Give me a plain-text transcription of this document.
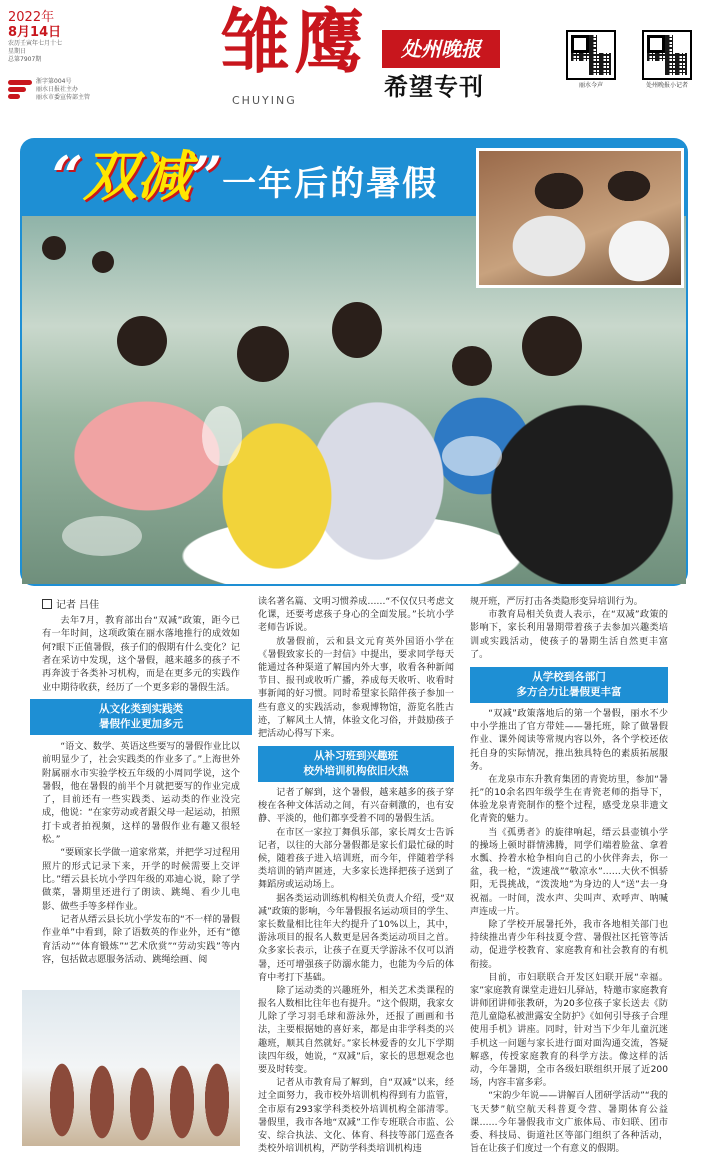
2022年
8月14日
农历壬寅年七月十七
星期日
总第7907期
浙字第004号
丽水日报社主办
丽水市委宣传部主管
雏鹰
CHUYING
处州晚报
希望专刊	丽水今声	处州晚报小记者
“双减”一年后的暑假
记者 吕佳

去年7月，教育部出台“双减”政策，距今已有一年时间，这项政策在丽水落地推行的成效如何?眼下正值暑假，孩子们的假期有什么变化？记者在采访中发现，这个暑假，越来越多的孩子不再奔波于各类补习机构，而是在更多元的实践作业中期待收获，经历了一个更多彩的暑假生活。

从文化类到实践类
暑假作业更加多元

“语文、数学、英语这些要写的暑假作业比以前明显少了，社会实践类的作业多了。”上海世外附属丽水市实验学校五年级的小周同学说，这个暑假，他在暑假的前半个月就把要写的作业完成了，目前还有一些实践类、运动类的作业没完成，他说：“在家劳动或者跟父母一起运动，拍照打卡或者拍视频，这样的暑假作业有趣又很轻松。”

“要顾家长学做一道家常菜，并把学习过程用照片的形式记录下来，开学的时候需要上交评比。”缙云县长坑小学四年级的邓迪心说，除了学做菜，暑期里还进行了朗读、跳绳、看少儿电影、做些手等多样作业。

记者从缙云县长坑小学发布的“不一样的暑假作业单”中看到，除了语数英的作业外，还有“德育活动”“体育锻炼”“艺术欣赏”“劳动实践”等内容，包括做志愿服务活动、跳绳绘画、阅

读名著名篇、文明习惯养成……“不仅仅只考虑文化课，还要考虑孩子身心的全面发展。”长坑小学老师告诉说。

放暑假前，云和县文元育英外国语小学在《暑假致家长的一封信》中提出，要求同学每天能通过各种渠道了解国内外大事，收看各种新闻节目、报刊或收听广播，养成每天收听、收看时事新闻的好习惯。同时希望家长陪伴孩子参加一些有意义的实践活动，参观博物馆，游览名胜古迹，了解风土人情，体验文化习俗，并鼓励孩子把活动心得写下来。

从补习班到兴趣班
校外培训机构依旧火热

记者了解到，这个暑假，越来越多的孩子穿梭在各种文体活动之间，有兴奋刺激的，也有安静、平淡的，他们都享受着不同的暑假生活。

在市区一家拉丁舞俱乐部，家长周女士告诉记者，以往的大部分暑假都是家长们最忙碌的时候，随着孩子进入培训班，而今年，伴随着学科类培训的销声匿迹，大多家长选择把孩子送到了舞蹈房或运动场上。

据各类运动训练机构相关负责人介绍，受“双减”政策的影响，今年暑假报名运动项目的学生、家长数量相比往年大约提升了10%以上，其中，游泳项目的报名人数更是居各类运动项目之首。众多家长表示，让孩子在夏天学游泳不仅可以消暑，还可增强孩子防溺水能力，也能为今后的体育中考打下基础。

除了运动类的兴趣班外，相关艺术类课程的报名人数相比往年也有提升。“这个假期，我家女儿除了学习羽毛球和游泳外，还报了画画和书法，主要根据她的喜好来，都是由非学科类的兴趣班，顺其自然就好。”家长林爱香的女儿下学期读四年级，她说，“双减”后，家长的思想观念也要及时转变。

记者从市教育局了解到，自“双减”以来，经过全面努力，我市校外培训机构得到有力监管，全市原有293家学科类校外培训机构全部清零。暑假里，我市各地“双减”工作专班联合市监、公安、综合执法、文化、体育、科技等部门巡查各类校外培训机构，严防学科类培训机构违

规开班，严厉打击各类隐形变异培训行为。

市教育局相关负责人表示，在“双减”政策的影响下，家长利用暑期带着孩子去参加兴趣类培训或实践活动，使孩子的暑期生活自然更丰富了。

从学校到各部门
多方合力让暑假更丰富

“双减”政策落地后的第一个暑假，丽水不少中小学推出了官方带娃——暑托班，除了做暑假作业、课外阅读等常规内容以外，各个学校还依托自身的实际情况，推出独具特色的素质拓展服务。

在龙泉市东升教育集团的青瓷坊里，参加“暑托”的10余名四年级学生在青瓷老师的指导下，体验龙泉青瓷制作的整个过程，感受龙泉非遗文化青瓷的魅力。

当《孤勇者》的旋律响起，缙云县壶镇小学的操场上顿时群情沸腾，同学们端着脸盆、拿着水瓢、拎着水枪争相向自己的小伙伴奔去，你一盆，我一枪，“泼速战”“敬凉水”……大伙不惧骄阳，无畏挑战，“泼泼地”为身边的人“送”去一身祝福。一时间，泼水声、尖叫声、欢呼声、呐喊声连成一片。

除了学校开展暑托外，我市各地相关部门也持续推出青少年科技夏令营、暑假社区托管等活动，促进学校教育、家庭教育和社会教育的有机衔接。

目前，市妇联联合开发区妇联开展“幸福。家”家庭教育课堂走进妇儿驿站，特邀市家庭教育讲师团讲师张教研，为20多位孩子家长送去《防范儿童隐私被泄露安全防护》《如何引导孩子合理使用手机》讲座。同时，针对当下少年儿童沉迷手机这一问题与家长进行面对面沟通交流，答疑解惑，传授家庭教育的科学方法。像这样的活动，今年暑期，全市各级妇联组织开展了近200场，内容丰富多彩。

“宋韵少年说——讲解百人团研学活动”“我的飞天梦”航空航天科普夏令营、暑期体育公益课……今年暑假我市文广旅体局、市妇联、团市委、科技局、街道社区等部门组织了各种活动，旨在让孩子们度过一个有意义的假期。
